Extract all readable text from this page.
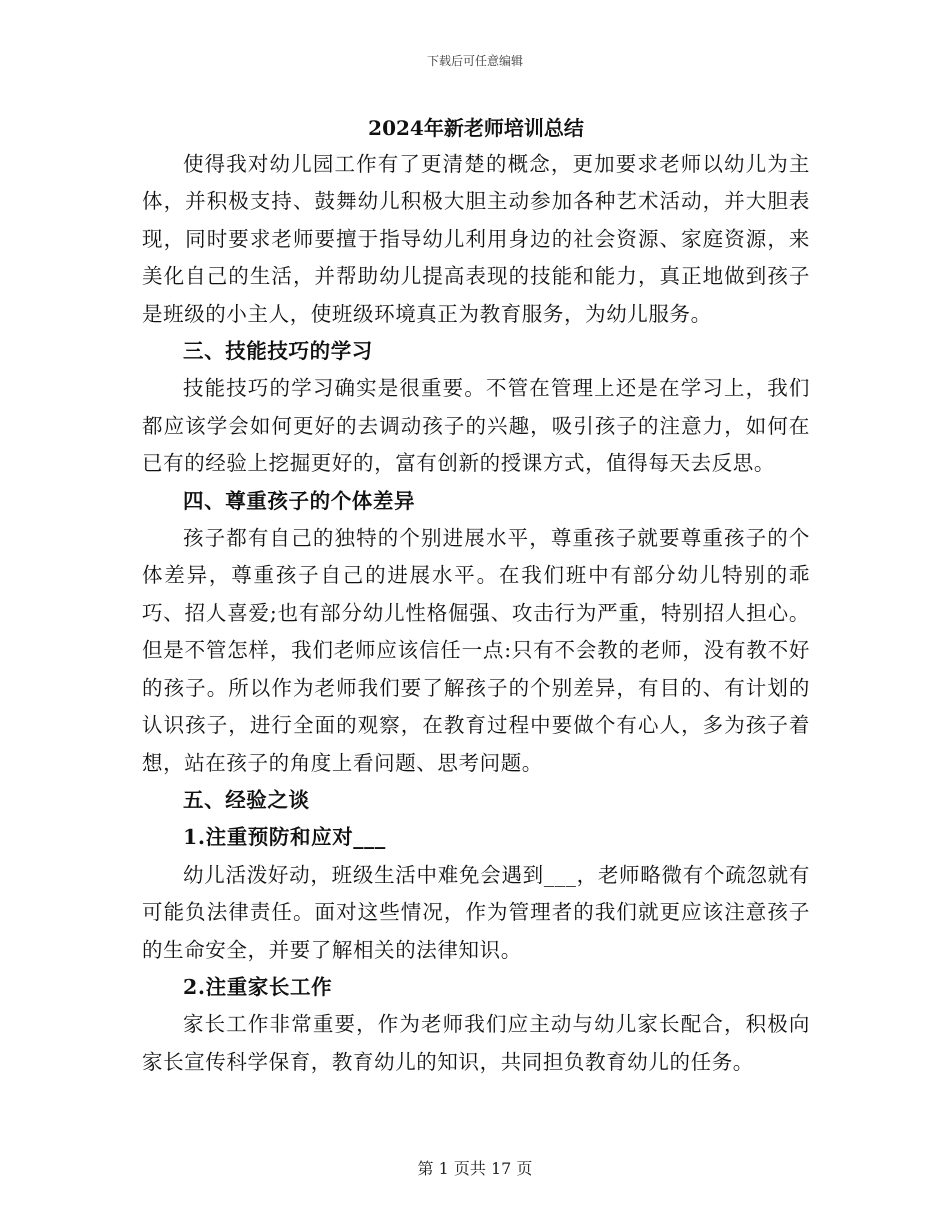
下载后可任意编辑
2024年新老师培训总结

使得我对幼儿园工作有了更清楚的概念，更加要求老师以幼儿为主体，并积极支持、鼓舞幼儿积极大胆主动参加各种艺术活动，并大胆表现，同时要求老师要擅于指导幼儿利用身边的社会资源、家庭资源，来美化自己的生活，并帮助幼儿提高表现的技能和能力，真正地做到孩子是班级的小主人，使班级环境真正为教育服务，为幼儿服务。

三、技能技巧的学习

技能技巧的学习确实是很重要。不管在管理上还是在学习上，我们都应该学会如何更好的去调动孩子的兴趣，吸引孩子的注意力，如何在已有的经验上挖掘更好的，富有创新的授课方式，值得每天去反思。

四、尊重孩子的个体差异

孩子都有自己的独特的个别进展水平，尊重孩子就要尊重孩子的个体差异，尊重孩子自己的进展水平。在我们班中有部分幼儿特别的乖巧、招人喜爱;也有部分幼儿性格倔强、攻击行为严重，特别招人担心。但是不管怎样，我们老师应该信任一点:只有不会教的老师，没有教不好的孩子。所以作为老师我们要了解孩子的个别差异，有目的、有计划的认识孩子，进行全面的观察，在教育过程中要做个有心人，多为孩子着想，站在孩子的角度上看问题、思考问题。

五、经验之谈

1.注重预防和应对___

幼儿活泼好动，班级生活中难免会遇到___，老师略微有个疏忽就有可能负法律责任。面对这些情况，作为管理者的我们就更应该注意孩子的生命安全，并要了解相关的法律知识。

2.注重家长工作

家长工作非常重要，作为老师我们应主动与幼儿家长配合，积极向家长宣传科学保育，教育幼儿的知识，共同担负教育幼儿的任务。

第 1 页共 17 页
